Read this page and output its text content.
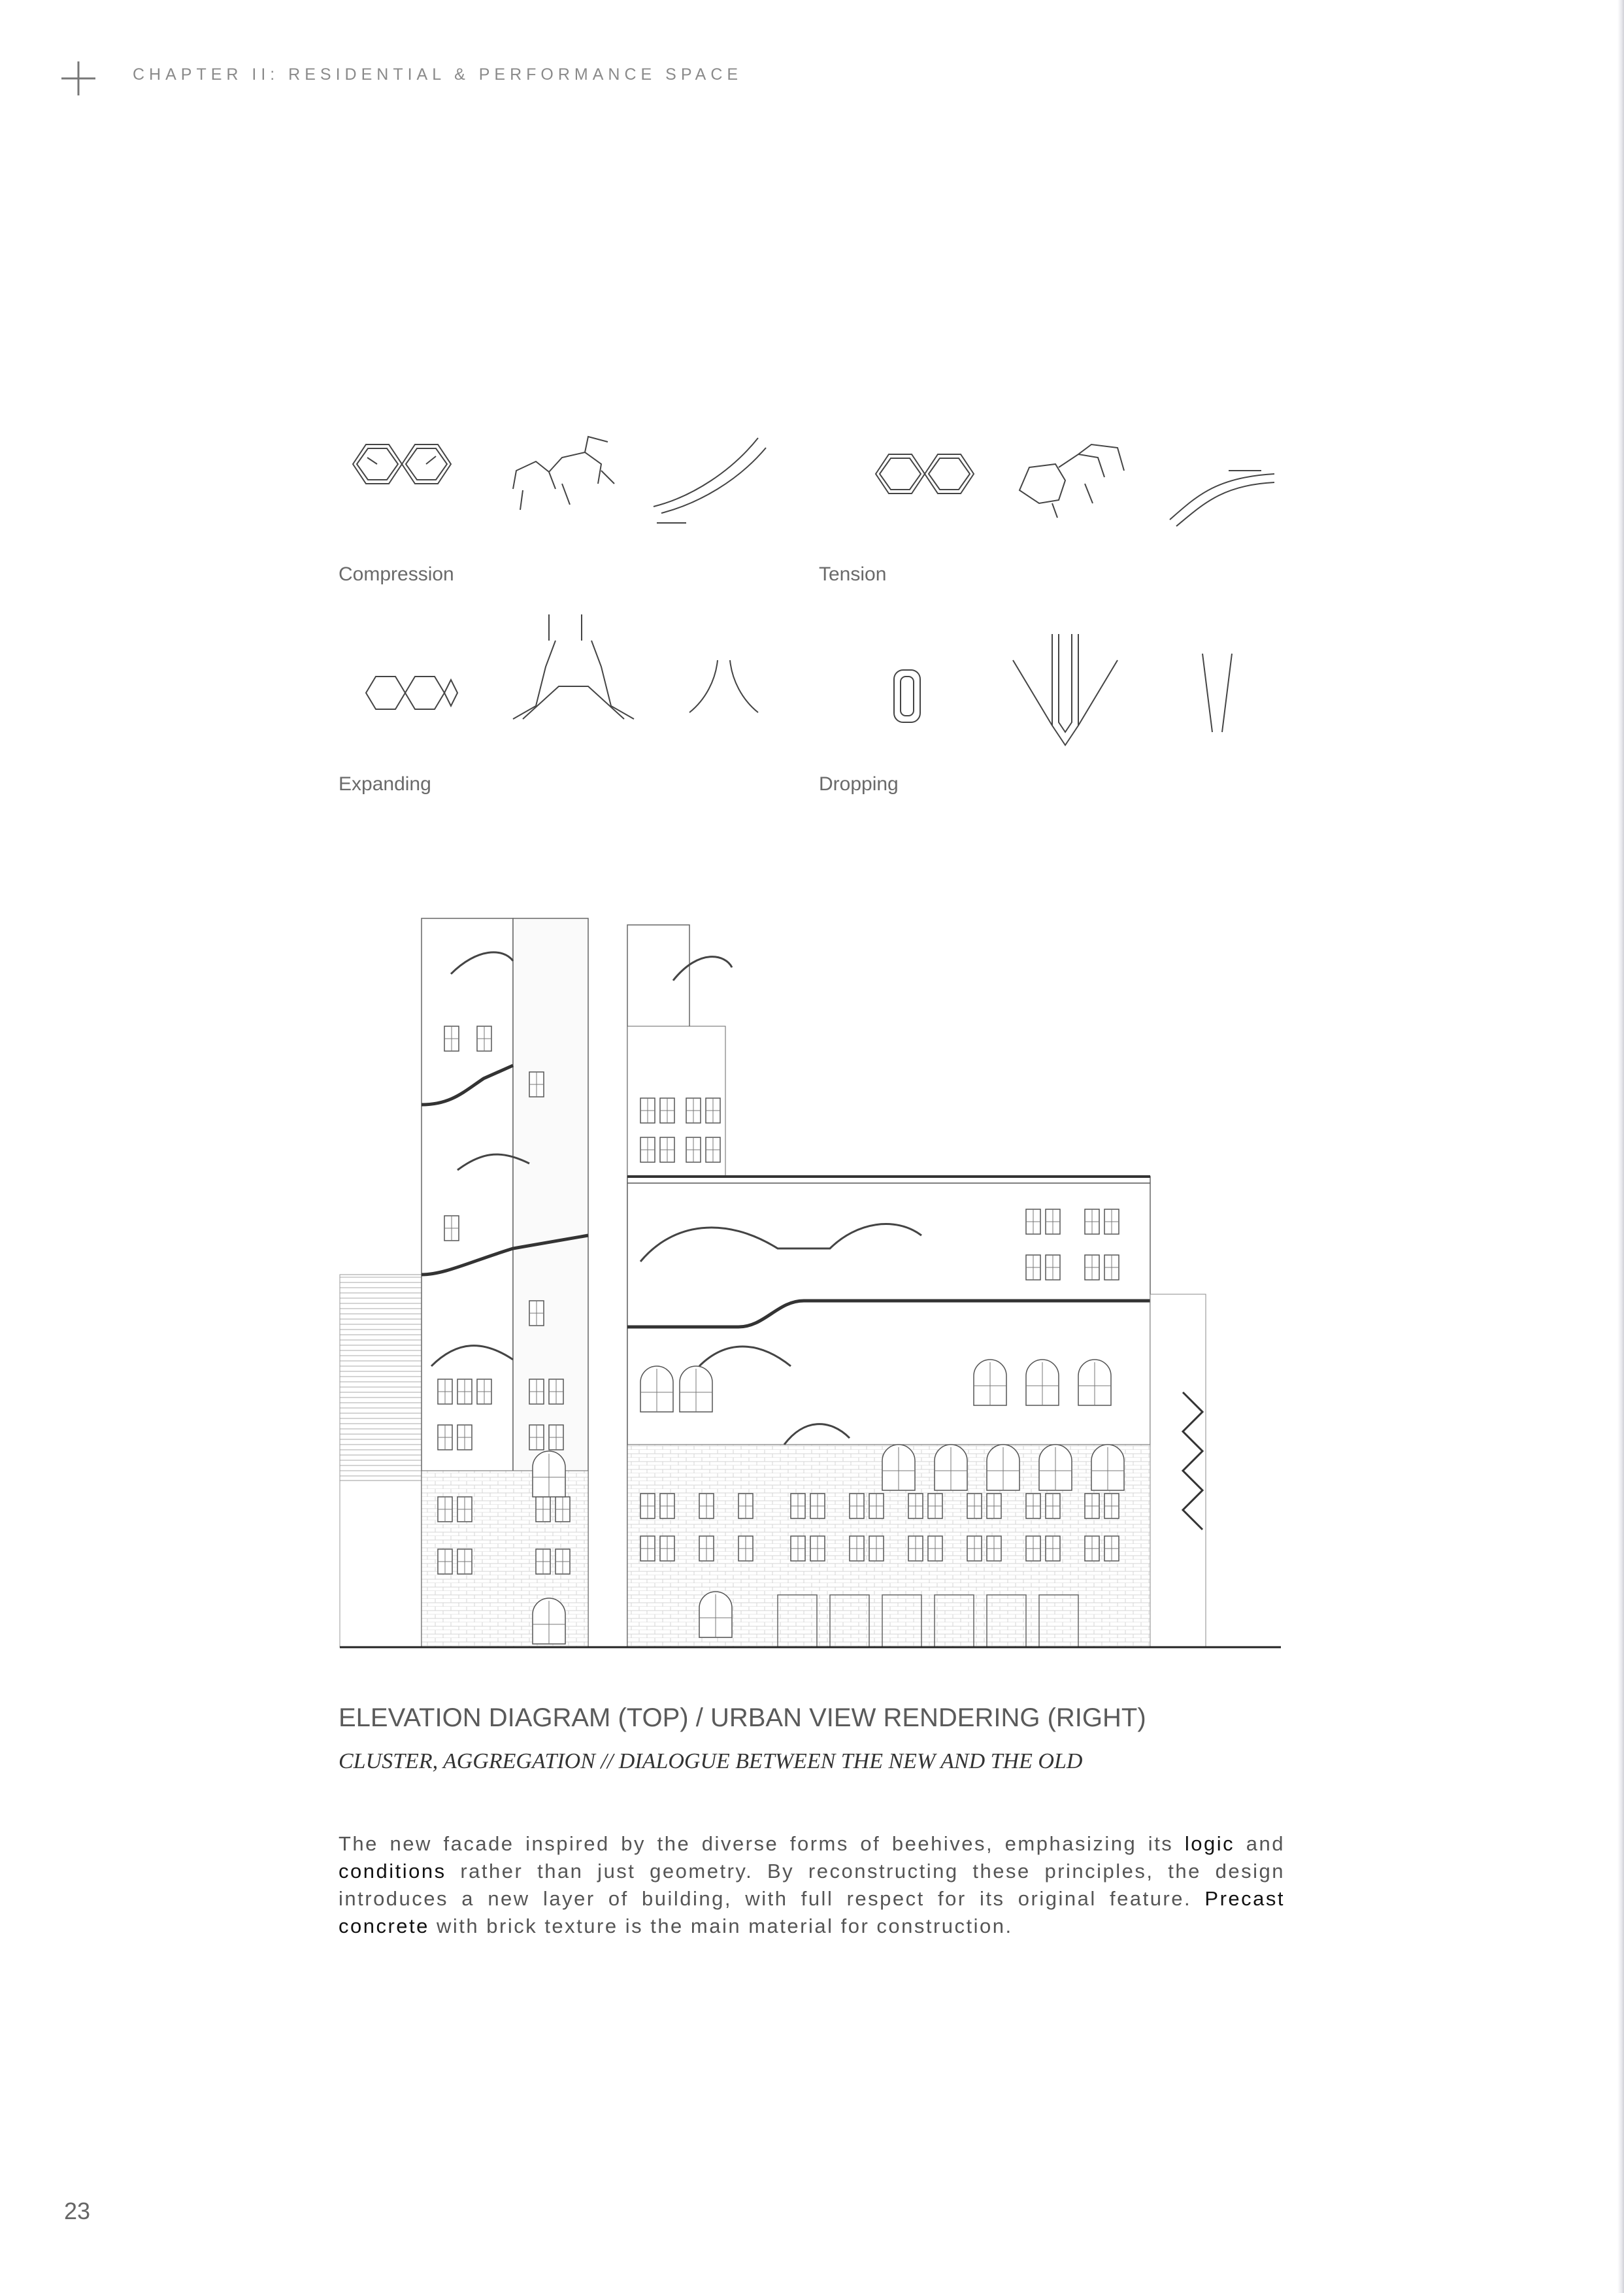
CHAPTER II: RESIDENTIAL & PERFORMANCE SPACE
Compression	Tension
Expanding	Dropping
ELEVATION DIAGRAM (TOP) / URBAN VIEW RENDERING (RIGHT)
CLUSTER, AGGREGATION // DIALOGUE BETWEEN THE NEW AND THE OLD
The new facade inspired by the diverse forms of beehives, emphasizing its logic and conditions rather than just geometry. By reconstructing these principles, the design introduces a new layer of building, with full respect for its original feature. Precast concrete with brick texture is the main material for construction.
23
